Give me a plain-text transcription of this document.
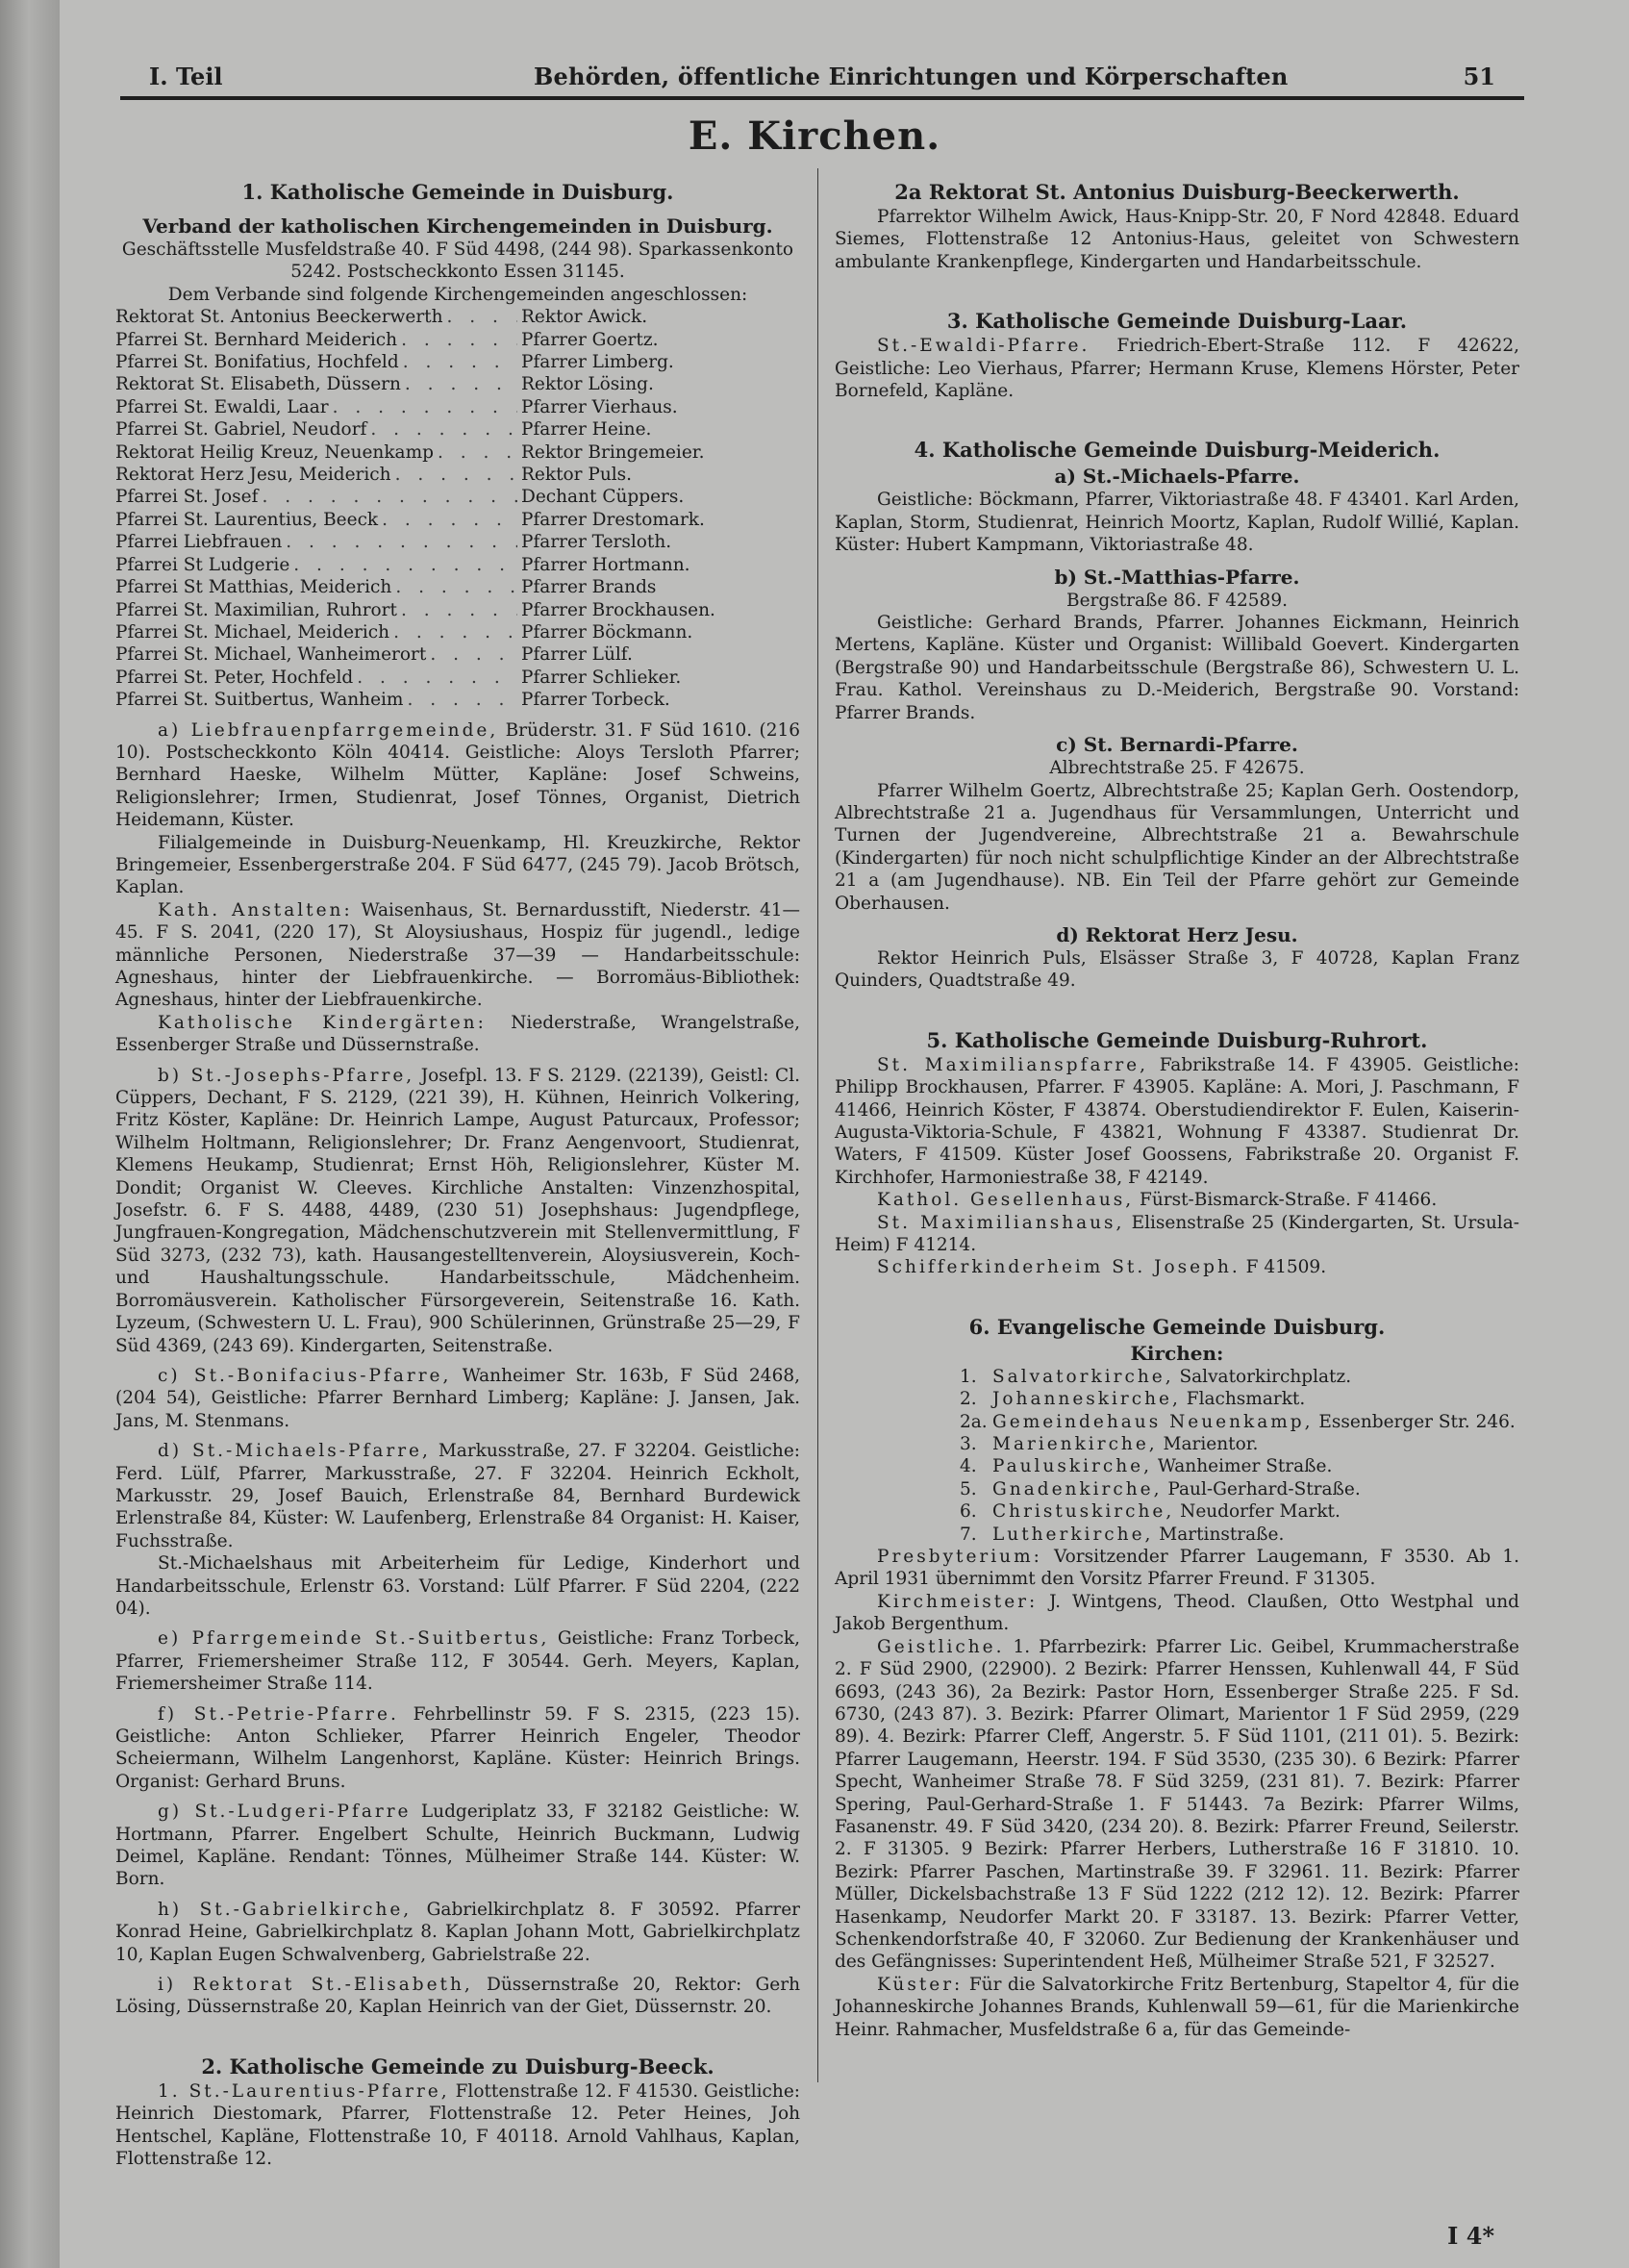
I. Teil	Behörden, öffentliche Einrichtungen und Körperschaften	51
E. Kirchen.
1. Katholische Gemeinde in Duisburg.
Verband der katholischen Kirchengemeinden in Duisburg.

Geschäftsstelle Musfeldstraße 40. F Süd 4498, (244 98). Sparkassenkonto 5242. Postscheckkonto Essen 31145.

Dem Verbande sind folgende Kirchengemeinden angeschlossen:

Rektorat St. Antonius Beeckerwerth . . .	Rektor Awick.
Pfarrei St. Bernhard Meiderich . . .	Pfarrer Goertz.
Pfarrei St. Bonifatius, Hochfeld . . .	Pfarrer Limberg.
Rektorat St. Elisabeth, Düssern . . .	Rektor Lösing.
Pfarrei St. Ewaldi, Laar . . .	Pfarrer Vierhaus.
Pfarrei St. Gabriel, Neudorf . . .	Pfarrer Heine.
Rektorat Heilig Kreuz, Neuenkamp . . .	Rektor Bringemeier.
Rektorat Herz Jesu, Meiderich . . .	Rektor Puls.
Pfarrei St. Josef . . .	Dechant Cüppers.
Pfarrei St. Laurentius, Beeck . . .	Pfarrer Drestomark.
Pfarrei Liebfrauen . . .	Pfarrer Tersloth.
Pfarrei St Ludgerie . . .	Pfarrer Hortmann.
Pfarrei St Matthias, Meiderich . . .	Pfarrer Brands
Pfarrei St. Maximilian, Ruhrort . . .	Pfarrer Brockhausen.
Pfarrei St. Michael, Meiderich . . .	Pfarrer Böckmann.
Pfarrei St. Michael, Wanheimerort . . .	Pfarrer Lülf.
Pfarrei St. Peter, Hochfeld . . .	Pfarrer Schlieker.
Pfarrei St. Suitbertus, Wanheim . . .	Pfarrer Torbeck.

a) Liebfrauenpfarrgemeinde, Brüderstr. 31. F Süd 1610. (216 10). Postscheckkonto Köln 40414. Geistliche: Aloys Tersloth Pfarrer; Bernhard Haeske, Wilhelm Mütter, Kapläne: Josef Schweins, Religionslehrer; Irmen, Studienrat, Josef Tönnes, Organist, Dietrich Heidemann, Küster.

Filialgemeinde in Duisburg-Neuenkamp, Hl. Kreuzkirche, Rektor Bringemeier, Essenbergerstraße 204. F Süd 6477, (245 79). Jacob Brötsch, Kaplan.

Kath. Anstalten: Waisenhaus, St. Bernardusstift, Niederstr. 41—45. F S. 2041, (220 17), St Aloysiushaus, Hospiz für jugendl., ledige männliche Personen, Niederstraße 37—39 — Handarbeitsschule: Agneshaus, hinter der Liebfrauenkirche. — Borromäus-Bibliothek: Agneshaus, hinter der Liebfrauenkirche.

Katholische Kindergärten: Niederstraße, Wrangelstraße, Essenberger Straße und Düssernstraße.

b) St.-Josephs-Pfarre, Josefpl. 13. F S. 2129. (22139), Geistl: Cl. Cüppers, Dechant, F S. 2129, (221 39), H. Kühnen, Heinrich Volkering, Fritz Köster, Kapläne: Dr. Heinrich Lampe, August Paturcaux, Professor; Wilhelm Holtmann, Religionslehrer; Dr. Franz Aengenvoort, Studienrat, Klemens Heukamp, Studienrat; Ernst Höh, Religionslehrer, Küster M. Dondit; Organist W. Cleeves. Kirchliche Anstalten: Vinzenzhospital, Josefstr. 6. F S. 4488, 4489, (230 51) Josephshaus: Jugendpflege, Jungfrauen-Kongregation, Mädchenschutzverein mit Stellenvermittlung, F Süd 3273, (232 73), kath. Hausangestelltenverein, Aloysiusverein, Koch- und Haushaltungsschule. Handarbeitsschule, Mädchenheim. Borromäusverein. Katholischer Fürsorgeverein, Seitenstraße 16. Kath. Lyzeum, (Schwestern U. L. Frau), 900 Schülerinnen, Grünstraße 25—29, F Süd 4369, (243 69). Kindergarten, Seitenstraße.

c) St.-Bonifacius-Pfarre, Wanheimer Str. 163b, F Süd 2468, (204 54), Geistliche: Pfarrer Bernhard Limberg; Kapläne: J. Jansen, Jak. Jans, M. Stenmans.

d) St.-Michaels-Pfarre, Markusstraße, 27. F 32204. Geistliche: Ferd. Lülf, Pfarrer, Markusstraße, 27. F 32204. Heinrich Eckholt, Markusstr. 29, Josef Bauich, Erlenstraße 84, Bernhard Burdewick Erlenstraße 84, Küster: W. Laufenberg, Erlenstraße 84 Organist: H. Kaiser, Fuchsstraße.

St.-Michaelshaus mit Arbeiterheim für Ledige, Kinderhort und Handarbeitsschule, Erlenstr 63. Vorstand: Lülf Pfarrer. F Süd 2204, (222 04).

e) Pfarrgemeinde St.-Suitbertus, Geistliche: Franz Torbeck, Pfarrer, Friemersheimer Straße 112, F 30544. Gerh. Meyers, Kaplan, Friemersheimer Straße 114.

f) St.-Petrie-Pfarre. Fehrbellinstr 59. F S. 2315, (223 15). Geistliche: Anton Schlieker, Pfarrer Heinrich Engeler, Theodor Scheiermann, Wilhelm Langenhorst, Kapläne. Küster: Heinrich Brings. Organist: Gerhard Bruns.

g) St.-Ludgeri-Pfarre Ludgeriplatz 33, F 32182 Geistliche: W. Hortmann, Pfarrer. Engelbert Schulte, Heinrich Buckmann, Ludwig Deimel, Kapläne. Rendant: Tönnes, Mülheimer Straße 144. Küster: W. Born.

h) St.-Gabrielkirche, Gabrielkirchplatz 8. F 30592. Pfarrer Konrad Heine, Gabrielkirchplatz 8. Kaplan Johann Mott, Gabrielkirchplatz 10, Kaplan Eugen Schwalvenberg, Gabrielstraße 22.

i) Rektorat St.-Elisabeth, Düssernstraße 20, Rektor: Gerh Lösing, Düssernstraße 20, Kaplan Heinrich van der Giet, Düssernstr. 20.

2. Katholische Gemeinde zu Duisburg-Beeck.

1. St.-Laurentius-Pfarre, Flottenstraße 12. F 41530. Geistliche: Heinrich Diestomark, Pfarrer, Flottenstraße 12. Peter Heines, Joh Hentschel, Kapläne, Flottenstraße 10, F 40118. Arnold Vahlhaus, Kaplan, Flottenstraße 12.

2a Rektorat St. Antonius Duisburg-Beeckerwerth.

Pfarrektor Wilhelm Awick, Haus-Knipp-Str. 20, F Nord 42848. Eduard Siemes, Flottenstraße 12 Antonius-Haus, geleitet von Schwestern ambulante Krankenpflege, Kindergarten und Handarbeitsschule.

3. Katholische Gemeinde Duisburg-Laar.

St.-Ewaldi-Pfarre. Friedrich-Ebert-Straße 112. F 42622, Geistliche: Leo Vierhaus, Pfarrer; Hermann Kruse, Klemens Hörster, Peter Bornefeld, Kapläne.

4. Katholische Gemeinde Duisburg-Meiderich.
a) St.-Michaels-Pfarre.

Geistliche: Böckmann, Pfarrer, Viktoriastraße 48. F 43401. Karl Arden, Kaplan, Storm, Studienrat, Heinrich Moortz, Kaplan, Rudolf Willié, Kaplan. Küster: Hubert Kampmann, Viktoriastraße 48.

b) St.-Matthias-Pfarre.

Bergstraße 86. F 42589.

Geistliche: Gerhard Brands, Pfarrer. Johannes Eickmann, Heinrich Mertens, Kapläne. Küster und Organist: Willibald Goevert. Kindergarten (Bergstraße 90) und Handarbeitsschule (Bergstraße 86), Schwestern U. L. Frau. Kathol. Vereinshaus zu D.-Meiderich, Bergstraße 90. Vorstand: Pfarrer Brands.

c) St. Bernardi-Pfarre.

Albrechtstraße 25. F 42675.

Pfarrer Wilhelm Goertz, Albrechtstraße 25; Kaplan Gerh. Oostendorp, Albrechtstraße 21 a. Jugendhaus für Versammlungen, Unterricht und Turnen der Jugendvereine, Albrechtstraße 21 a. Bewahrschule (Kindergarten) für noch nicht schulpflichtige Kinder an der Albrechtstraße 21 a (am Jugendhause). NB. Ein Teil der Pfarre gehört zur Gemeinde Oberhausen.

d) Rektorat Herz Jesu.

Rektor Heinrich Puls, Elsässer Straße 3, F 40728, Kaplan Franz Quinders, Quadtstraße 49.

5. Katholische Gemeinde Duisburg-Ruhrort.

St. Maximilianspfarre, Fabrikstraße 14. F 43905. Geistliche: Philipp Brockhausen, Pfarrer. F 43905. Kapläne: A. Mori, J. Paschmann, F 41466, Heinrich Köster, F 43874. Oberstudiendirektor F. Eulen, Kaiserin-Augusta-Viktoria-Schule, F 43821, Wohnung F 43387. Studienrat Dr. Waters, F 41509. Küster Josef Goossens, Fabrikstraße 20. Organist F. Kirchhofer, Harmoniestraße 38, F 42149.

Kathol. Gesellenhaus, Fürst-Bismarck-Straße. F 41466.

St. Maximilianshaus, Elisenstraße 25 (Kindergarten, St. Ursula-Heim) F 41214.

Schifferkinderheim St. Joseph. F 41509.

6. Evangelische Gemeinde Duisburg.
Kirchen:
1. Salvatorkirche, Salvatorkirchplatz.
2. Johanneskirche, Flachsmarkt.
2a. Gemeindehaus Neuenkamp, Essenberger Str. 246.
3. Marienkirche, Marientor.
4. Pauluskirche, Wanheimer Straße.
5. Gnadenkirche, Paul-Gerhard-Straße.
6. Christuskirche, Neudorfer Markt.
7. Lutherkirche, Martinstraße.

Presbyterium: Vorsitzender Pfarrer Laugemann, F 3530. Ab 1. April 1931 übernimmt den Vorsitz Pfarrer Freund. F 31305.

Kirchmeister: J. Wintgens, Theod. Claußen, Otto Westphal und Jakob Bergenthum.

Geistliche. 1. Pfarrbezirk: Pfarrer Lic. Geibel, Krummacherstraße 2. F Süd 2900, (22900). 2 Bezirk: Pfarrer Henssen, Kuhlenwall 44, F Süd 6693, (243 36), 2a Bezirk: Pastor Horn, Essenberger Straße 225. F Sd. 6730, (243 87). 3. Bezirk: Pfarrer Olimart, Marientor 1 F Süd 2959, (229 89). 4. Bezirk: Pfarrer Cleff, Angerstr. 5. F Süd 1101, (211 01). 5. Bezirk: Pfarrer Laugemann, Heerstr. 194. F Süd 3530, (235 30). 6 Bezirk: Pfarrer Specht, Wanheimer Straße 78. F Süd 3259, (231 81). 7. Bezirk: Pfarrer Spering, Paul-Gerhard-Straße 1. F 51443. 7a Bezirk: Pfarrer Wilms, Fasanenstr. 49. F Süd 3420, (234 20). 8. Bezirk: Pfarrer Freund, Seilerstr. 2. F 31305. 9 Bezirk: Pfarrer Herbers, Lutherstraße 16 F 31810. 10. Bezirk: Pfarrer Paschen, Martinstraße 39. F 32961. 11. Bezirk: Pfarrer Müller, Dickelsbachstraße 13 F Süd 1222 (212 12). 12. Bezirk: Pfarrer Hasenkamp, Neudorfer Markt 20. F 33187. 13. Bezirk: Pfarrer Vetter, Schenkendorfstraße 40, F 32060. Zur Bedienung der Krankenhäuser und des Gefängnisses: Superintendent Heß, Mülheimer Straße 521, F 32527.

Küster: Für die Salvatorkirche Fritz Bertenburg, Stapeltor 4, für die Johanneskirche Johannes Brands, Kuhlenwall 59—61, für die Marienkirche Heinr. Rahmacher, Musfeldstraße 6 a, für das Gemeinde-

I 4*
